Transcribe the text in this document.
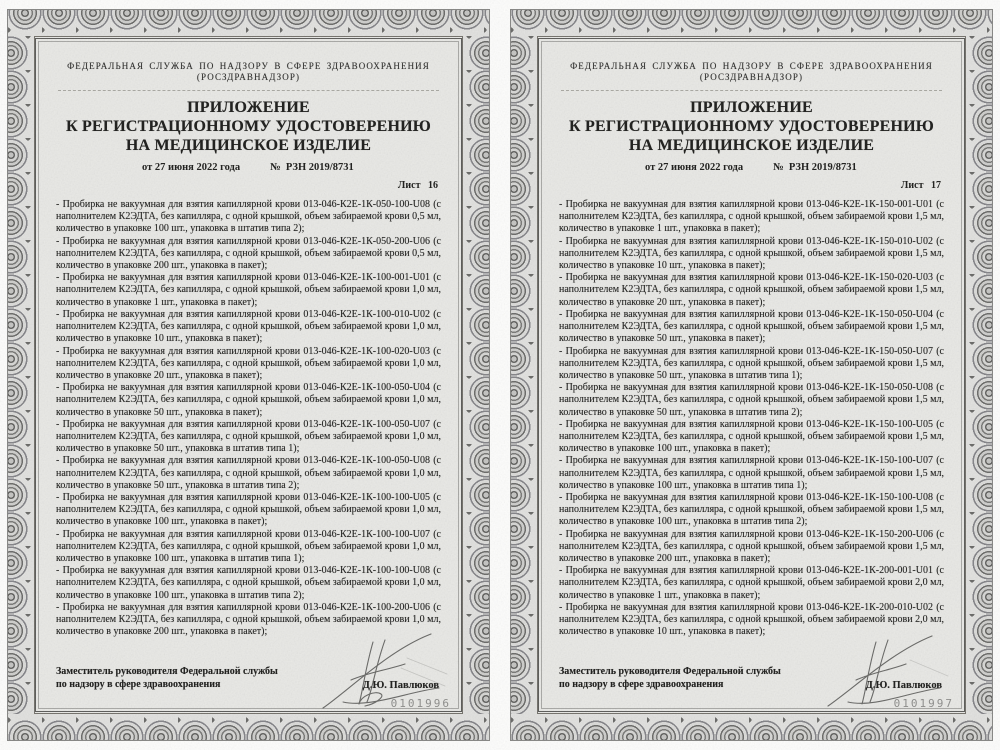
ФЕДЕРАЛЬНАЯ СЛУЖБА ПО НАДЗОРУ В СФЕРЕ ЗДРАВООХРАНЕНИЯ
(РОСЗДРАВНАДЗОР)
ПРИЛОЖЕНИЕ
К РЕГИСТРАЦИОННОМУ УДОСТОВЕРЕНИЮ
НА МЕДИЦИНСКОЕ ИЗДЕЛИЕ
от 27 июня 2022 года	№  РЗН 2019/8731
Лист 16

- Пробирка не вакуумная для взятия капиллярной крови 013-046-К2Е-1К-050-100-U08 (с наполнителем К2ЭДТА, без капилляра, с одной крышкой, объем забираемой крови 0,5 мл, количество в упаковке 100 шт., упаковка в штатив типа 2);

- Пробирка не вакуумная для взятия капиллярной крови 013-046-К2Е-1К-050-200-U06 (с наполнителем К2ЭДТА, без капилляра, с одной крышкой, объем забираемой крови 0,5 мл, количество в упаковке 200 шт., упаковка в пакет);

- Пробирка не вакуумная для взятия капиллярной крови 013-046-К2Е-1К-100-001-U01 (с наполнителем К2ЭДТА, без капилляра, с одной крышкой, объем забираемой крови 1,0 мл, количество в упаковке 1 шт., упаковка в пакет);

- Пробирка не вакуумная для взятия капиллярной крови 013-046-К2Е-1К-100-010-U02 (с наполнителем К2ЭДТА, без капилляра, с одной крышкой, объем забираемой крови 1,0 мл, количество в упаковке 10 шт., упаковка в пакет);

- Пробирка не вакуумная для взятия капиллярной крови 013-046-К2Е-1К-100-020-U03 (с наполнителем К2ЭДТА, без капилляра, с одной крышкой, объем забираемой крови 1,0 мл, количество в упаковке 20 шт., упаковка в пакет);

- Пробирка не вакуумная для взятия капиллярной крови 013-046-К2Е-1К-100-050-U04 (с наполнителем К2ЭДТА, без капилляра, с одной крышкой, объем забираемой крови 1,0 мл, количество в упаковке 50 шт., упаковка в пакет);

- Пробирка не вакуумная для взятия капиллярной крови 013-046-К2Е-1К-100-050-U07 (с наполнителем К2ЭДТА, без капилляра, с одной крышкой, объем забираемой крови 1,0 мл, количество в упаковке 50 шт., упаковка в штатив типа 1);

- Пробирка не вакуумная для взятия капиллярной крови 013-046-К2Е-1К-100-050-U08 (с наполнителем К2ЭДТА, без капилляра, с одной крышкой, объем забираемой крови 1,0 мл, количество в упаковке 50 шт., упаковка в штатив типа 2);

- Пробирка не вакуумная для взятия капиллярной крови 013-046-К2Е-1К-100-100-U05 (с наполнителем К2ЭДТА, без капилляра, с одной крышкой, объем забираемой крови 1,0 мл, количество в упаковке 100 шт., упаковка в пакет);

- Пробирка не вакуумная для взятия капиллярной крови 013-046-К2Е-1К-100-100-U07 (с наполнителем К2ЭДТА, без капилляра, с одной крышкой, объем забираемой крови 1,0 мл, количество в упаковке 100 шт., упаковка в штатив типа 1);

- Пробирка не вакуумная для взятия капиллярной крови 013-046-К2Е-1К-100-100-U08 (с наполнителем К2ЭДТА, без капилляра, с одной крышкой, объем забираемой крови 1,0 мл, количество в упаковке 100 шт., упаковка в штатив типа 2);

- Пробирка не вакуумная для взятия капиллярной крови 013-046-К2Е-1К-100-200-U06 (с наполнителем К2ЭДТА, без капилляра, с одной крышкой, объем забираемой крови 1,0 мл, количество в упаковке 200 шт., упаковка в пакет);

Заместитель руководителя Федеральной службы
по надзору в сфере здравоохранения	Д.Ю. Павлюков
0101996
ФЕДЕРАЛЬНАЯ СЛУЖБА ПО НАДЗОРУ В СФЕРЕ ЗДРАВООХРАНЕНИЯ
(РОСЗДРАВНАДЗОР)
ПРИЛОЖЕНИЕ
К РЕГИСТРАЦИОННОМУ УДОСТОВЕРЕНИЮ
НА МЕДИЦИНСКОЕ ИЗДЕЛИЕ
от 27 июня 2022 года	№  РЗН 2019/8731
Лист 17

- Пробирка не вакуумная для взятия капиллярной крови 013-046-К2Е-1К-150-001-U01 (с наполнителем К2ЭДТА, без капилляра, с одной крышкой, объем забираемой крови 1,5 мл, количество в упаковке 1 шт., упаковка в пакет);

- Пробирка не вакуумная для взятия капиллярной крови 013-046-К2Е-1К-150-010-U02 (с наполнителем К2ЭДТА, без капилляра, с одной крышкой, объем забираемой крови 1,5 мл, количество в упаковке 10 шт., упаковка в пакет);

- Пробирка не вакуумная для взятия капиллярной крови 013-046-К2Е-1К-150-020-U03 (с наполнителем К2ЭДТА, без капилляра, с одной крышкой, объем забираемой крови 1,5 мл, количество в упаковке 20 шт., упаковка в пакет);

- Пробирка не вакуумная для взятия капиллярной крови 013-046-К2Е-1К-150-050-U04 (с наполнителем К2ЭДТА, без капилляра, с одной крышкой, объем забираемой крови 1,5 мл, количество в упаковке 50 шт., упаковка в пакет);

- Пробирка не вакуумная для взятия капиллярной крови 013-046-К2Е-1К-150-050-U07 (с наполнителем К2ЭДТА, без капилляра, с одной крышкой, объем забираемой крови 1,5 мл, количество в упаковке 50 шт., упаковка в штатив типа 1);

- Пробирка не вакуумная для взятия капиллярной крови 013-046-К2Е-1К-150-050-U08 (с наполнителем К2ЭДТА, без капилляра, с одной крышкой, объем забираемой крови 1,5 мл, количество в упаковке 50 шт., упаковка в штатив типа 2);

- Пробирка не вакуумная для взятия капиллярной крови 013-046-К2Е-1К-150-100-U05 (с наполнителем К2ЭДТА, без капилляра, с одной крышкой, объем забираемой крови 1,5 мл, количество в упаковке 100 шт., упаковка в пакет);

- Пробирка не вакуумная для взятия капиллярной крови 013-046-К2Е-1К-150-100-U07 (с наполнителем К2ЭДТА, без капилляра, с одной крышкой, объем забираемой крови 1,5 мл, количество в упаковке 100 шт., упаковка в штатив типа 1);

- Пробирка не вакуумная для взятия капиллярной крови 013-046-К2Е-1К-150-100-U08 (с наполнителем К2ЭДТА, без капилляра, с одной крышкой, объем забираемой крови 1,5 мл, количество в упаковке 100 шт., упаковка в штатив типа 2);

- Пробирка не вакуумная для взятия капиллярной крови 013-046-К2Е-1К-150-200-U06 (с наполнителем К2ЭДТА, без капилляра, с одной крышкой, объем забираемой крови 1,5 мл, количество в упаковке 200 шт., упаковка в пакет);

- Пробирка не вакуумная для взятия капиллярной крови 013-046-К2Е-1К-200-001-U01 (с наполнителем К2ЭДТА, без капилляра, с одной крышкой, объем забираемой крови 2,0 мл, количество в упаковке 1 шт., упаковка в пакет);

- Пробирка не вакуумная для взятия капиллярной крови 013-046-К2Е-1К-200-010-U02 (с наполнителем К2ЭДТА, без капилляра, с одной крышкой, объем забираемой крови 2,0 мл, количество в упаковке 10 шт., упаковка в пакет);

Заместитель руководителя Федеральной службы
по надзору в сфере здравоохранения	Д.Ю. Павлюков
0101997
